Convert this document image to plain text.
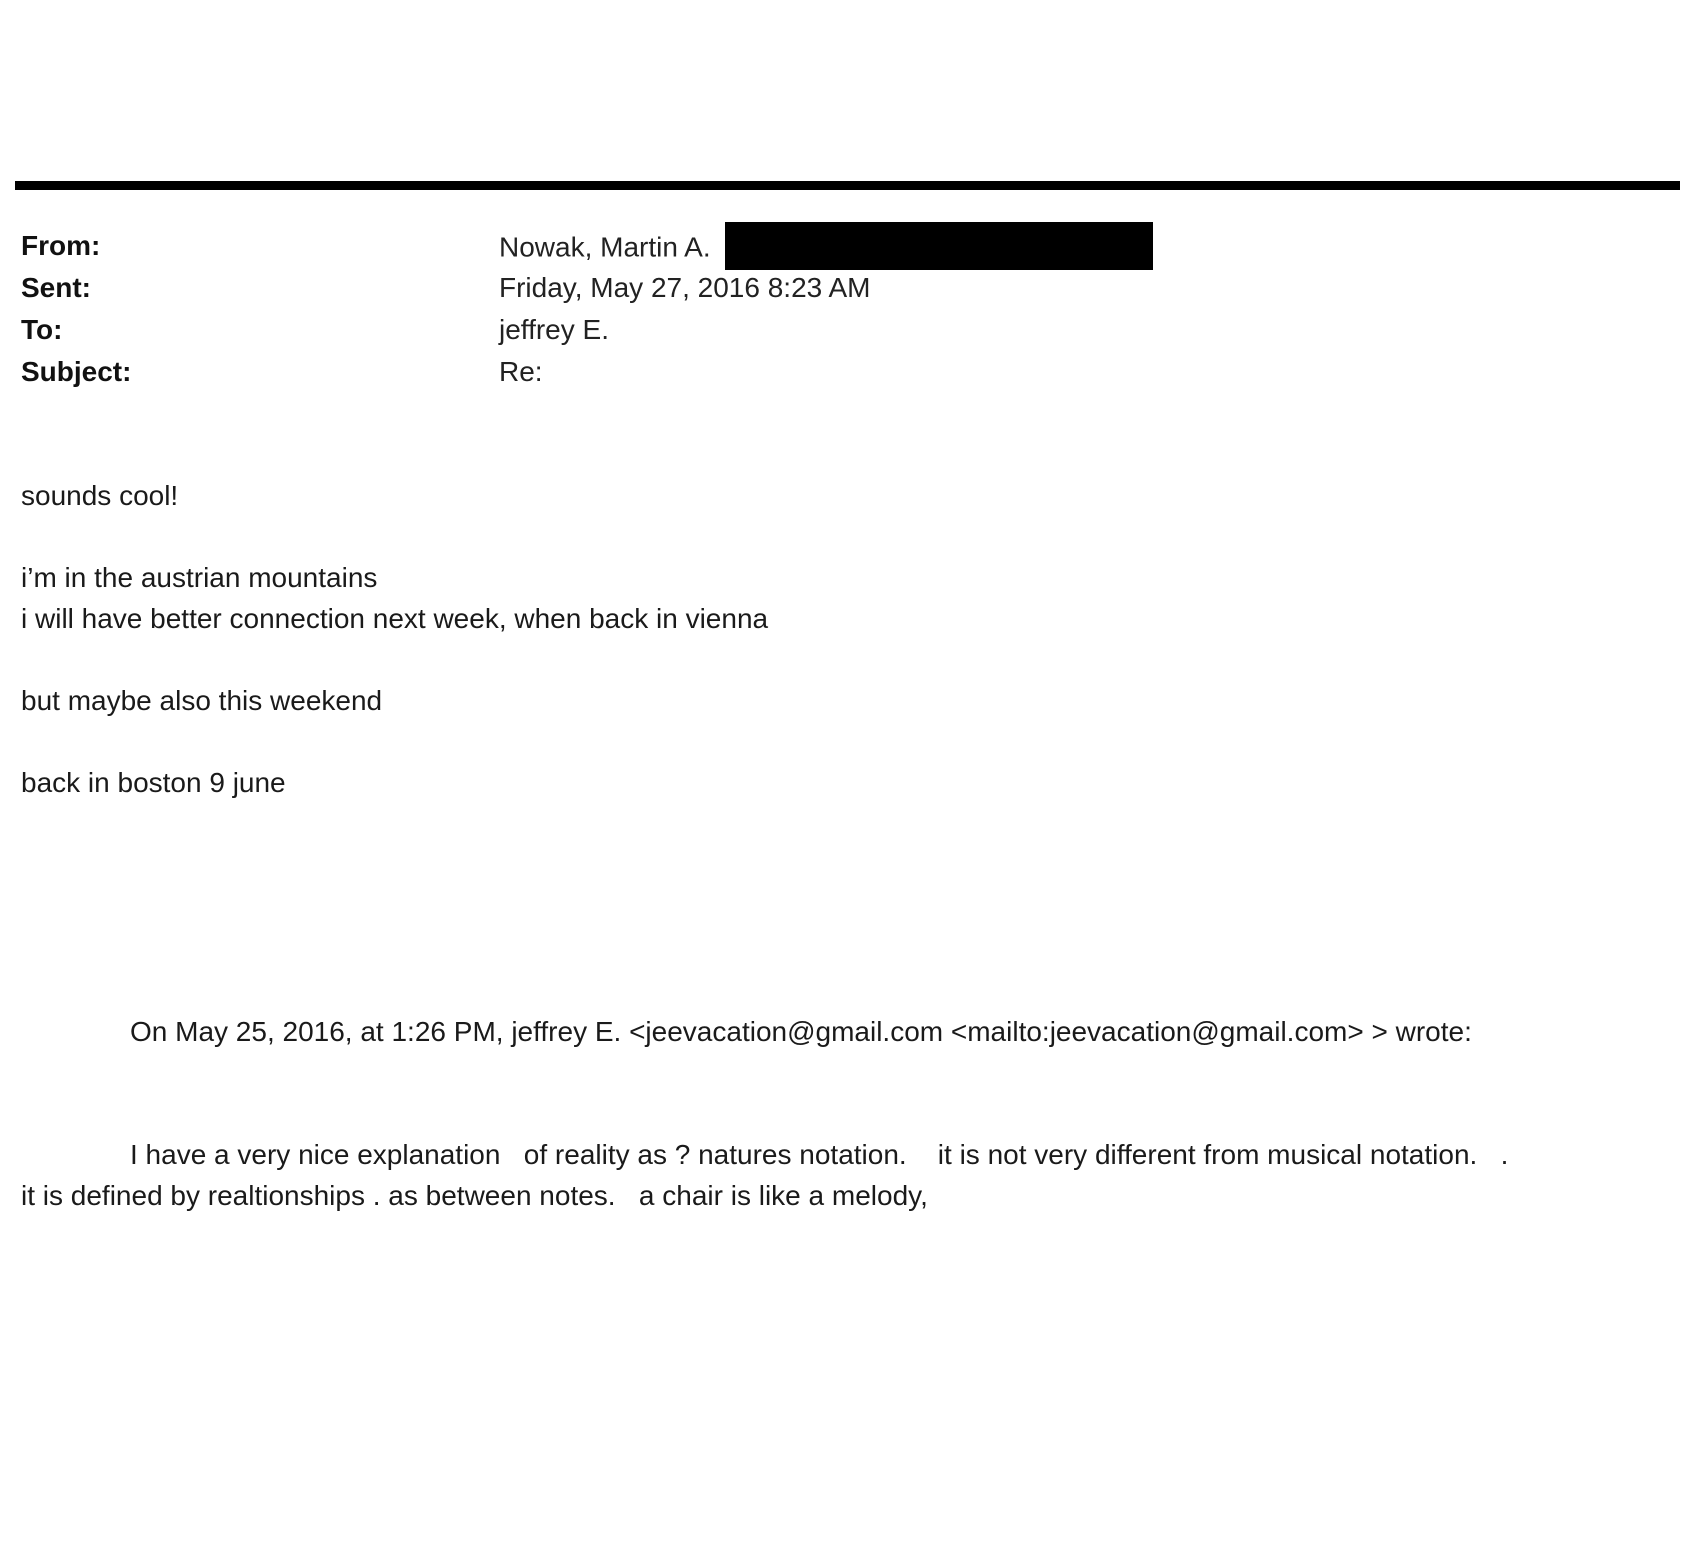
From:	Nowak, Martin A.
Sent:	Friday, May 27, 2016 8:23 AM
To:	jeffrey E.
Subject:	Re:
sounds cool!
i’m in the austrian mountains
i will have better connection next week, when back in vienna
but maybe also this weekend
back in boston 9 june
On May 25, 2016, at 1:26 PM, jeffrey E. <jeevacation@gmail.com <mailto:jeevacation@gmail.com> > wrote:
I have a very nice explanation   of reality as ? natures notation.    it is not very different from musical notation.   .
it is defined by realtionships . as between notes.   a chair is like a melody,
